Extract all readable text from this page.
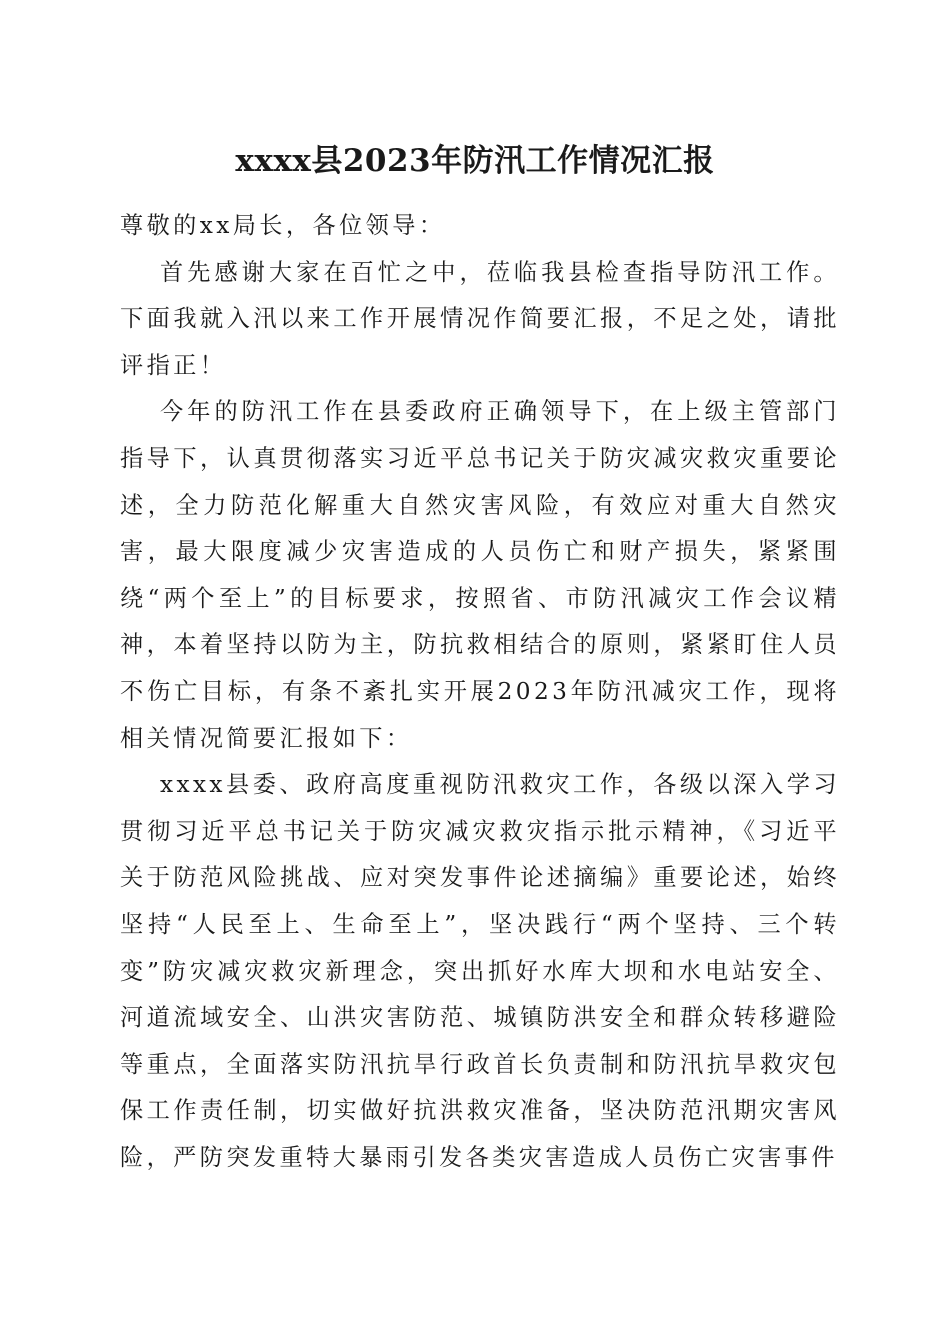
xxxx县2023年防汛工作情况汇报

尊敬的xx局长，各位领导：

首先感谢大家在百忙之中，莅临我县检查指导防汛工作。下面我就入汛以来工作开展情况作简要汇报，不足之处，请批评指正！

今年的防汛工作在县委政府正确领导下，在上级主管部门指导下，认真贯彻落实习近平总书记关于防灾减灾救灾重要论述，全力防范化解重大自然灾害风险，有效应对重大自然灾害，最大限度减少灾害造成的人员伤亡和财产损失，紧紧围绕“两个至上”的目标要求，按照省、市防汛减灾工作会议精神，本着坚持以防为主，防抗救相结合的原则，紧紧盯住人员不伤亡目标，有条不紊扎实开展2023年防汛减灾工作，现将相关情况简要汇报如下：

xxxx县委、政府高度重视防汛救灾工作，各级以深入学习贯彻习近平总书记关于防灾减灾救灾指示批示精神，《习近平关于防范风险挑战、应对突发事件论述摘编》重要论述，始终坚持“人民至上、生命至上”，坚决践行“两个坚持、三个转变”防灾减灾救灾新理念，突出抓好水库大坝和水电站安全、河道流域安全、山洪灾害防范、城镇防洪安全和群众转移避险等重点，全面落实防汛抗旱行政首长负责制和防汛抗旱救灾包保工作责任制，切实做好抗洪救灾准备，坚决防范汛期灾害风险，严防突发重特大暴雨引发各类灾害造成人员伤亡灾害事件
